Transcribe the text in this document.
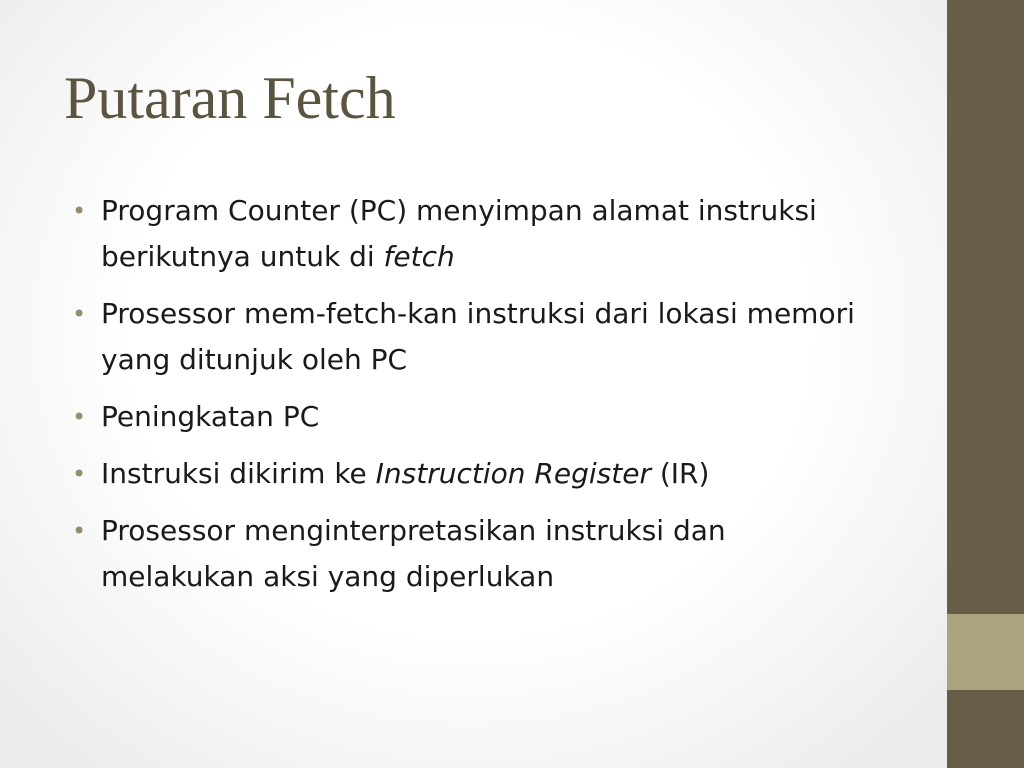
Putaran Fetch
• Program Counter (PC) menyimpan alamat instruksi berikutnya untuk di fetch
• Prosessor mem-fetch-kan instruksi dari lokasi memori yang ditunjuk oleh PC
• Peningkatan PC
• Instruksi dikirim ke Instruction Register (IR)
• Prosessor menginterpretasikan instruksi dan melakukan aksi yang diperlukan
